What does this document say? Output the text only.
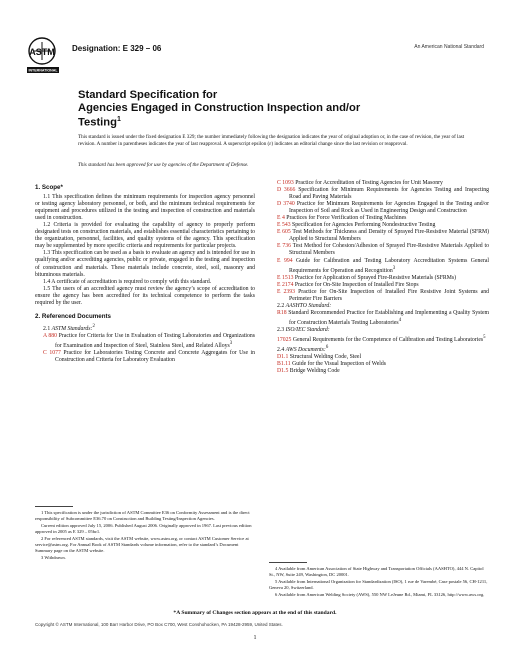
ASTM
INTERNATIONAL
Designation: E 329 – 06	An American National Standard
Standard Specification for
Agencies Engaged in Construction Inspection and/or
Testing$^1$
This standard is issued under the fixed designation E 329; the number immediately following the designation indicates the year of original adoption or, in the case of revision, the year of last revision. A number in parentheses indicates the year of last reapproval. A superscript epsilon (ε) indicates an editorial change since the last revision or reapproval.
This standard has been approved for use by agencies of the Department of Defense.

1. Scope*

1.1 This specification defines the minimum requirements for inspection agency personnel or testing agency laboratory personnel, or both, and the minimum technical requirements for equipment and procedures utilized in the testing and inspection of construction and materials used in construction.

1.2 Criteria is provided for evaluating the capability of agency to properly perform designated tests on construction materials, and establishes essential characteristics pertaining to the organization, personnel, facilities, and quality systems of the agency. This specification may be supplemented by more specific criteria and requirements for particular projects.

1.3 This specification can be used as a basis to evaluate an agency and is intended for use in qualifying and/or accrediting agencies, public or private, engaged in the testing and inspection of construction and materials. These materials include concrete, steel, soil, masonry and bituminous materials.

1.4 A certificate of accreditation is required to comply with this standard.

1.5 The users of an accredited agency must review the agency’s scope of accreditation to ensure the agency has been accredited for its technical competence to perform the tasks required by the user.

2. Referenced Documents

2.1 ASTM Standards:$^2$

A 880 Practice for Criteria for Use in Evaluation of Testing Laboratories and Organizations for Examination and Inspection of Steel, Stainless Steel, and Related Alloys$^3$

C 1077 Practice for Laboratories Testing Concrete and Concrete Aggregates for Use in Construction and Criteria for Laboratory Evaluation

C 1093 Practice for Accreditation of Testing Agencies for Unit Masonry

D 3666 Specification for Minimum Requirements for Agencies Testing and Inspecting Road and Paving Materials

D 3740 Practice for Minimum Requirements for Agencies Engaged in the Testing and/or Inspection of Soil and Rock as Used in Engineering Design and Construction

E 4 Practices for Force Verification of Testing Machines

E 543 Specification for Agencies Performing Nondestructive Testing

E 605 Test Methods for Thickness and Density of Sprayed Fire-Resistive Material (SFRM) Applied to Structural Members

E 736 Test Method for Cohesion/Adhesion of Sprayed Fire-Resistive Materials Applied to Structural Members

E 994 Guide for Calibration and Testing Laboratory Accreditation Systems General Requirements for Operation and Recognition$^3$

E 1513 Practice for Application of Sprayed Fire-Resistive Materials (SFRMs)

E 2174 Practice for On-Site Inspection of Installed Fire Stops

E 2393 Practice for On-Site Inspection of Installed Fire Resistive Joint Systems and Perimeter Fire Barriers

2.2 AASHTO Standard:

R18 Standard Recommended Practice for Establishing and Implementing a Quality System for Construction Materials Testing Laboratories$^4$

2.3 ISO/IEC Standard:

17025 General Requirements for the Competence of Calibration and Testing Laboratories$^5$

2.4 AWS Documents:$^6$

D1.1 Structural Welding Code, Steel

B1.11 Guide for the Visual Inspection of Welds

D1.5 Bridge Welding Code

1 This specification is under the jurisdiction of ASTM Committee E36 on Conformity Assessment and is the direct responsibility of Subcommittee E36.70 on Construction and Building Testing/Inspection Agencies.

Current edition approved July 15, 2006. Published August 2006. Originally approved in 1967. Last previous edition approved in 2005 as E 329 – 05bε1.

2 For referenced ASTM standards, visit the ASTM website, www.astm.org, or contact ASTM Customer Service at service@astm.org. For Annual Book of ASTM Standards volume information, refer to the standard’s Document Summary page on the ASTM website.

3 Withdrawn.

4 Available from American Association of State Highway and Transportation Officials (AASHTO), 444 N. Capitol St., NW, Suite 249, Washington, DC 20001.

5 Available from International Organization for Standardization (ISO), 1 rue de Varembé, Case postale 56, CH-1211, Geneva 20, Switzerland.

6 Available from American Welding Society (AWS), 550 NW LeJeune Rd., Miami, FL 33126, http://www.aws.org.

*A Summary of Changes section appears at the end of this standard.
Copyright © ASTM International, 100 Barr Harbor Drive, PO Box C700, West Conshohocken, PA 19428-2959, United States.
1
